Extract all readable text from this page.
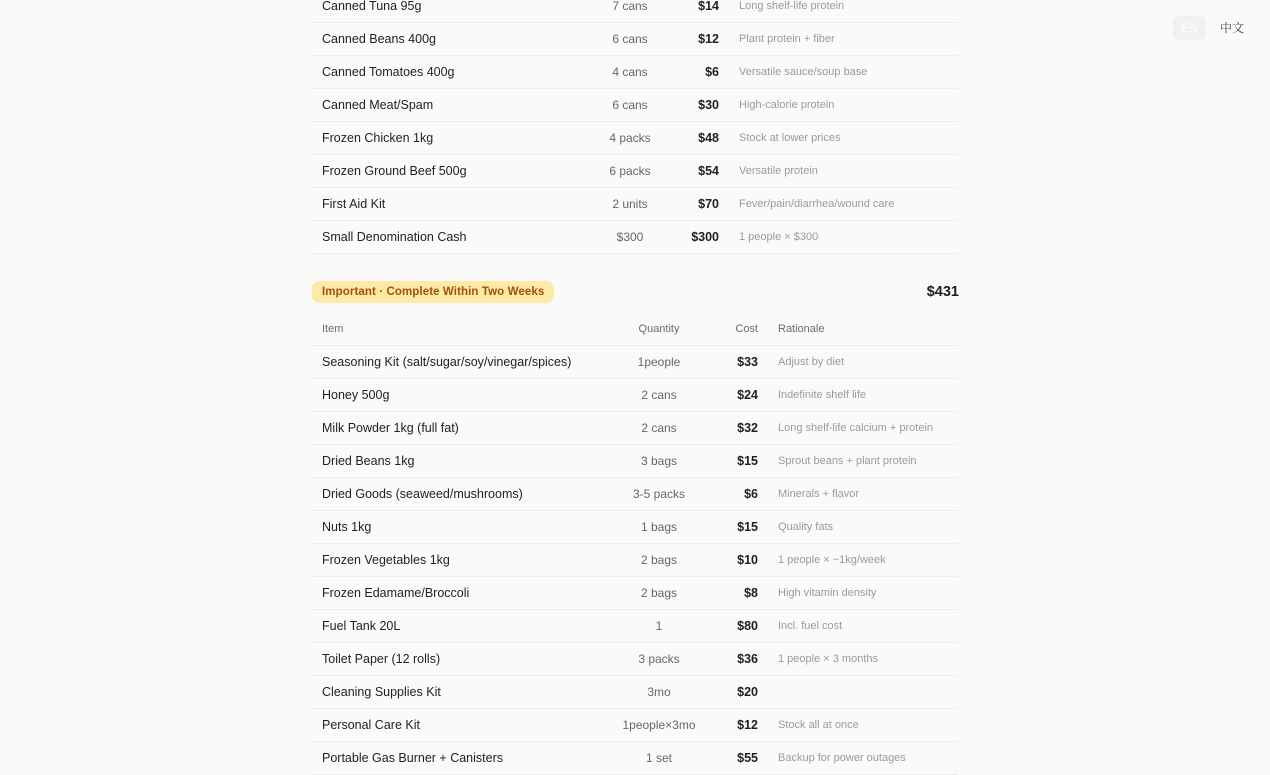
EN	中文
Canned Tuna 95g	7 cans	$14	Long shelf-life protein
Canned Beans 400g	6 cans	$12	Plant protein + fiber
Canned Tomatoes 400g	4 cans	$6	Versatile sauce/soup base
Canned Meat/Spam	6 cans	$30	High-calorie protein
Frozen Chicken 1kg	4 packs	$48	Stock at lower prices
Frozen Ground Beef 500g	6 packs	$54	Versatile protein
First Aid Kit	2 units	$70	Fever/pain/diarrhea/wound care
Small Denomination Cash	$300	$300	1 people × $300
Important · Complete Within Two Weeks	$431
Item	Quantity	Cost	Rationale
Seasoning Kit (salt/sugar/soy/vinegar/spices)	1people	$33	Adjust by diet
Honey 500g	2 cans	$24	Indefinite shelf life
Milk Powder 1kg (full fat)	2 cans	$32	Long shelf-life calcium + protein
Dried Beans 1kg	3 bags	$15	Sprout beans + plant protein
Dried Goods (seaweed/mushrooms)	3-5 packs	$6	Minerals + flavor
Nuts 1kg	1 bags	$15	Quality fats
Frozen Vegetables 1kg	2 bags	$10	1 people × ~1kg/week
Frozen Edamame/Broccoli	2 bags	$8	High vitamin density
Fuel Tank 20L	1	$80	Incl. fuel cost
Toilet Paper (12 rolls)	3 packs	$36	1 people × 3 months
Cleaning Supplies Kit	3mo	$20
Personal Care Kit	1people×3mo	$12	Stock all at once
Portable Gas Burner + Canisters	1 set	$55	Backup for power outages
